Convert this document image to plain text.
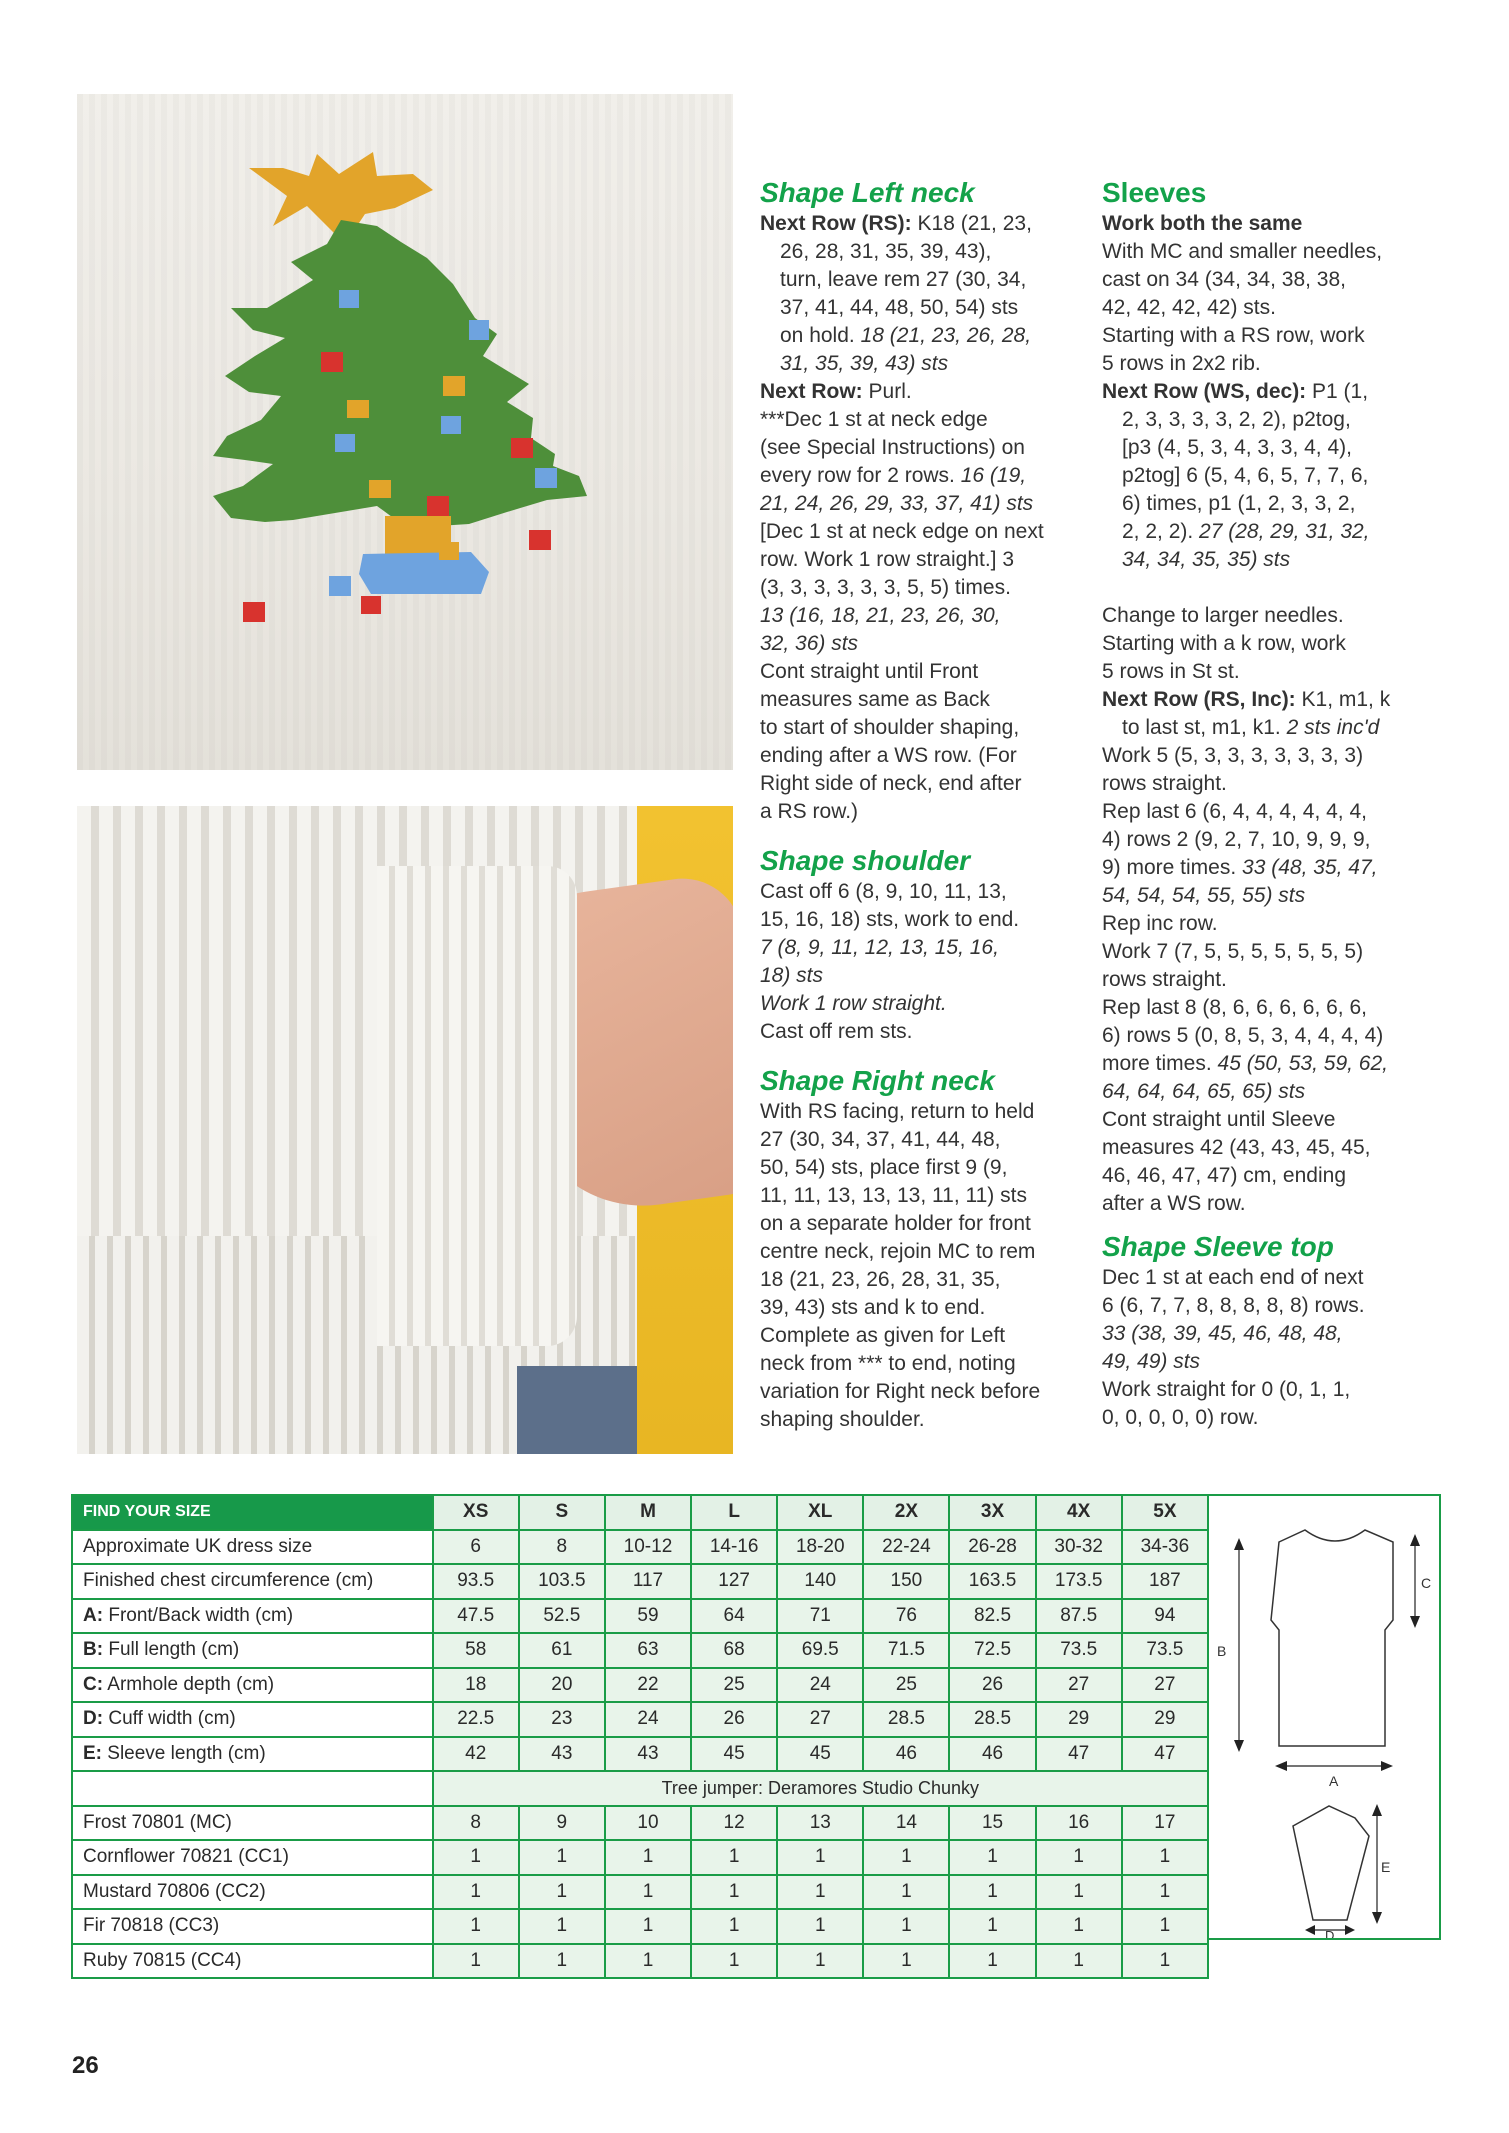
Shape Left neck

Next Row (RS): K18 (21, 23,

26, 28, 31, 35, 39, 43),

turn, leave rem 27 (30, 34,

37, 41, 44, 48, 50, 54) sts

on hold. 18 (21, 23, 26, 28,

31, 35, 39, 43) sts

Next Row: Purl.

***Dec 1 st at neck edge

(see Special Instructions) on

every row for 2 rows. 16 (19,

21, 24, 26, 29, 33, 37, 41) sts

[Dec 1 st at neck edge on next

row. Work 1 row straight.] 3

(3, 3, 3, 3, 3, 3, 5, 5) times.

13 (16, 18, 21, 23, 26, 30,

32, 36) sts

Cont straight until Front

measures same as Back

to start of shoulder shaping,

ending after a WS row. (For

Right side of neck, end after

a RS row.)

Shape shoulder

Cast off 6 (8, 9, 10, 11, 13,

15, 16, 18) sts, work to end.

7 (8, 9, 11, 12, 13, 15, 16,

18) sts

Work 1 row straight.

Cast off rem sts.

Shape Right neck

With RS facing, return to held

27 (30, 34, 37, 41, 44, 48,

50, 54) sts, place first 9 (9,

11, 11, 13, 13, 13, 11, 11) sts

on a separate holder for front

centre neck, rejoin MC to rem

18 (21, 23, 26, 28, 31, 35,

39, 43) sts and k to end.

Complete as given for Left

neck from *** to end, noting

variation for Right neck before

shaping shoulder.

Sleeves

Work both the same

With MC and smaller needles,

cast on 34 (34, 34, 38, 38,

42, 42, 42, 42) sts.

Starting with a RS row, work

5 rows in 2x2 rib.

Next Row (WS, dec): P1 (1,

2, 3, 3, 3, 3, 2, 2), p2tog,

[p3 (4, 5, 3, 4, 3, 3, 4, 4),

p2tog] 6 (5, 4, 6, 5, 7, 7, 6,

6) times, p1 (1, 2, 3, 3, 2,

2, 2, 2). 27 (28, 29, 31, 32,

34, 34, 35, 35) sts

Change to larger needles.

Starting with a k row, work

5 rows in St st.

Next Row (RS, Inc): K1, m1, k

to last st, m1, k1. 2 sts inc'd

Work 5 (5, 3, 3, 3, 3, 3, 3, 3)

rows straight.

Rep last 6 (6, 4, 4, 4, 4, 4, 4,

4) rows 2 (9, 2, 7, 10, 9, 9, 9,

9) more times. 33 (48, 35, 47,

54, 54, 54, 55, 55) sts

Rep inc row.

Work 7 (7, 5, 5, 5, 5, 5, 5, 5)

rows straight.

Rep last 8 (8, 6, 6, 6, 6, 6, 6,

6) rows 5 (0, 8, 5, 3, 4, 4, 4, 4)

more times. 45 (50, 53, 59, 62,

64, 64, 64, 65, 65) sts

Cont straight until Sleeve

measures 42 (43, 43, 45, 45,

46, 46, 47, 47) cm, ending

after a WS row.

Shape Sleeve top

Dec 1 st at each end of next

6 (6, 7, 7, 8, 8, 8, 8, 8) rows.

33 (38, 39, 45, 46, 48, 48,

49, 49) sts

Work straight for 0 (0, 1, 1,

0, 0, 0, 0, 0) row.

FIND YOUR SIZE	XS	S	M	L	XL	2X	3X	4X	5X
Approximate UK dress size	6	8	10-12	14-16	18-20	22-24	26-28	30-32	34-36
Finished chest circumference (cm)	93.5	103.5	117	127	140	150	163.5	173.5	187
A: Front/Back width (cm)	47.5	52.5	59	64	71	76	82.5	87.5	94
B: Full length (cm)	58	61	63	68	69.5	71.5	72.5	73.5	73.5
C: Armhole depth (cm)	18	20	22	25	24	25	26	27	27
D: Cuff width (cm)	22.5	23	24	26	27	28.5	28.5	29	29
E: Sleeve length (cm)	42	43	43	45	45	46	46	47	47
	Tree jumper: Deramores Studio Chunky								
Frost 70801 (MC)	8	9	10	12	13	14	15	16	17
Cornflower 70821 (CC1)	1	1	1	1	1	1	1	1	1
Mustard 70806 (CC2)	1	1	1	1	1	1	1	1	1
Fir 70818 (CC3)	1	1	1	1	1	1	1	1	1
Ruby 70815 (CC4)	1	1	1	1	1	1	1	1	1
B
C
A
E
D
26
